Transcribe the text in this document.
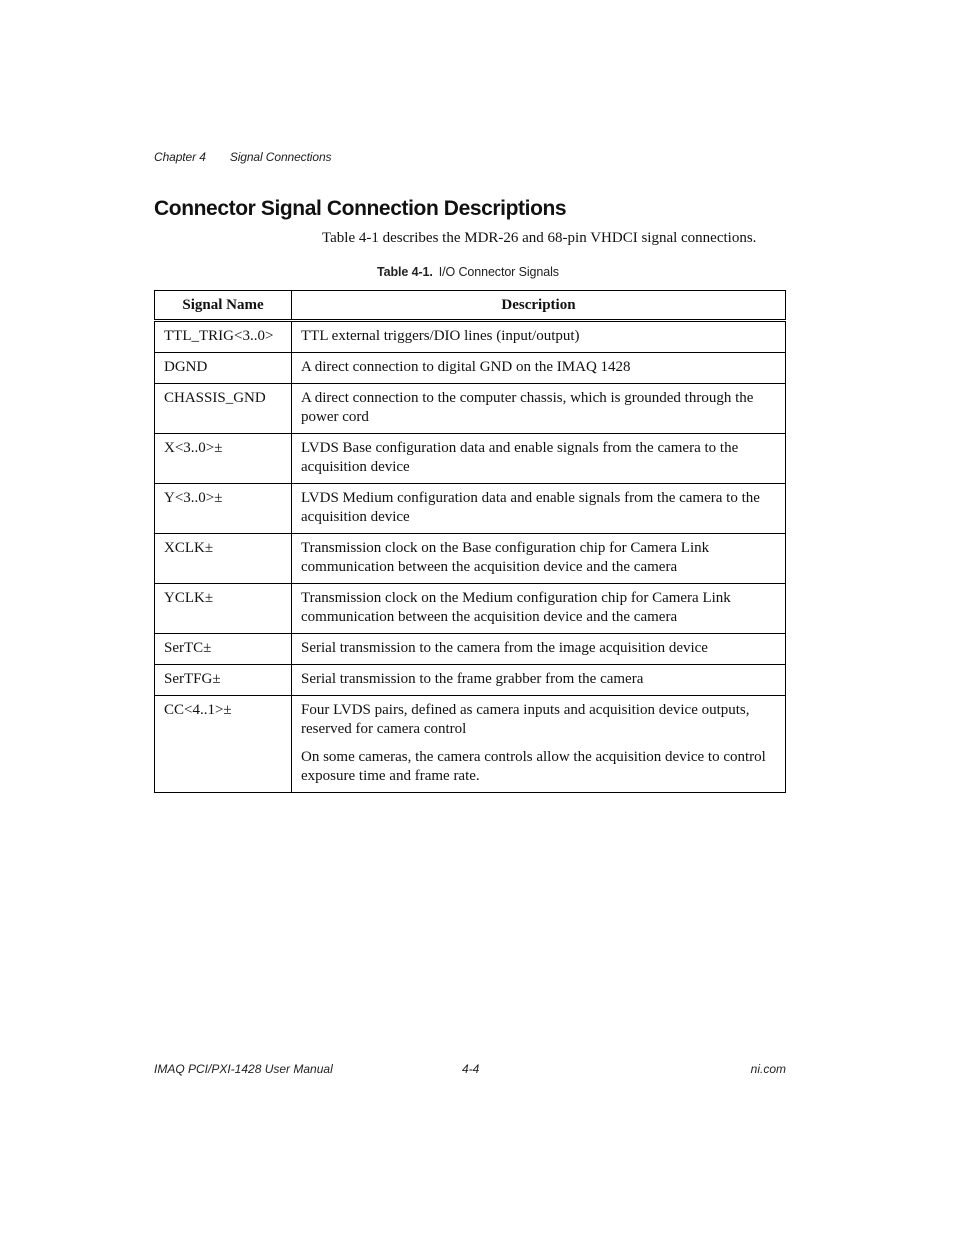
Chapter 4 Signal Connections
Connector Signal Connection Descriptions

Table 4-1 describes the MDR-26 and 68-pin VHDCI signal connections.

Table 4-1. I/O Connector Signals
Signal Name	Description
TTL_TRIG<3..0>	TTL external triggers/DIO lines (input/output)

DGND	A direct connection to digital GND on the IMAQ 1428

CHASSIS_GND	A direct connection to the computer chassis, which is grounded through the power cord

X<3..0>±	LVDS Base configuration data and enable signals from the camera to the acquisition device

Y<3..0>±	LVDS Medium configuration data and enable signals from the camera to the acquisition device

XCLK±	Transmission clock on the Base configuration chip for Camera Link communication between the acquisition device and the camera

YCLK±	Transmission clock on the Medium configuration chip for Camera Link communication between the acquisition device and the camera

SerTC±	Serial transmission to the camera from the image acquisition device

SerTFG±	Serial transmission to the frame grabber from the camera

CC<4..1>±	Four LVDS pairs, defined as camera inputs and acquisition device outputs, reserved for camera control

On some cameras, the camera controls allow the acquisition device to control exposure time and frame rate.

IMAQ PCI/PXI-1428 User Manual	4-4	ni.com
